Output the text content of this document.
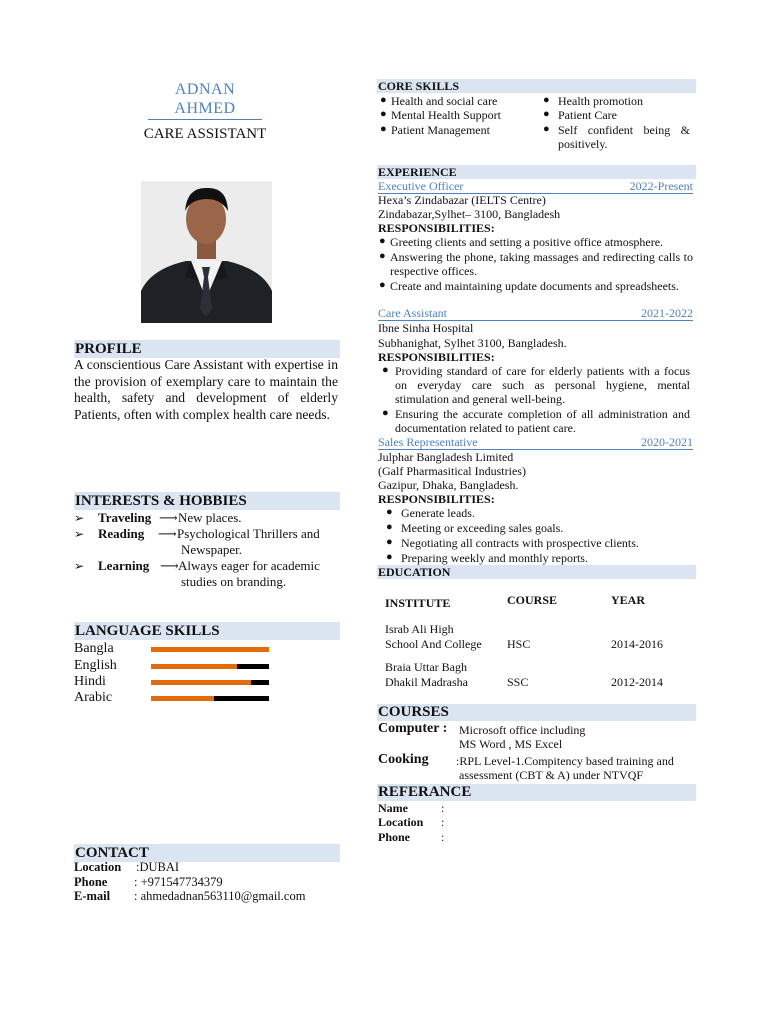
ADNAN
AHMED
CARE ASSISTANT
PROFILE
A conscientious Care Assistant with expertise in the provision of exemplary care to maintain the health, safety and development of elderly Patients, often with complex health care needs.
INTERESTS & HOBBIES
➢ Traveling ⟶ New places.
➢ Reading ⟶ Psychological Thrillers and
Newspaper.
➢ Learning ⟶ Always eager for academic
studies on branding.
LANGUAGE SKILLS
Bangla
English
Hindi
Arabic
CONTACT
Location :DUBAI
Phone : +971547734379
E-mail : ahmedadnan563110@gmail.com
CORE SKILLS
● Health and social care
● Mental Health Support
● Patient Management
● Health promotion
● Patient Care
● Self confident being & positively.
EXPERIENCE
Executive Officer	2022-Present
Hexa’s Zindabazar (IELTS Centre)
Zindabazar,Sylhet– 3100, Bangladesh
RESPONSIBILITIES:
● Greeting clients and setting a positive office atmosphere.
● Answering the phone, taking massages and redirecting calls to respective offices.
● Create and maintaining update documents and spreadsheets.
Care Assistant	2021-2022
Ibne Sinha Hospital
Subhanighat, Sylhet 3100, Bangladesh.
RESPONSIBILITIES:
● Providing standard of care for elderly patients with a focus on everyday care such as personal hygiene, mental stimulation and general well-being.
● Ensuring the accurate completion of all administration and documentation related to patient care.
Sales Representative	2020-2021
Julphar Bangladesh Limited
(Galf Pharmasitical Industries)
Gazipur, Dhaka, Bangladesh.
RESPONSIBILITIES:
● Generate leads.
● Meeting or exceeding sales goals.
● Negotiating all contracts with prospective clients.
● Preparing weekly and monthly reports.
EDUCATION
INSTITUTE	COURSE	YEAR
Israb Ali High
School And College HSC	2014-2016
Braia Uttar Bagh
Dhakil Madrasha	SSC	2012-2014
COURSES
Computer : Microsoft office including
MS Word , MS Excel
Cooking :RPL Level-1.Compitency based training and
assessment (CBT & A) under NTVQF
REFERANCE
Name	:
Location :
Phone	:
